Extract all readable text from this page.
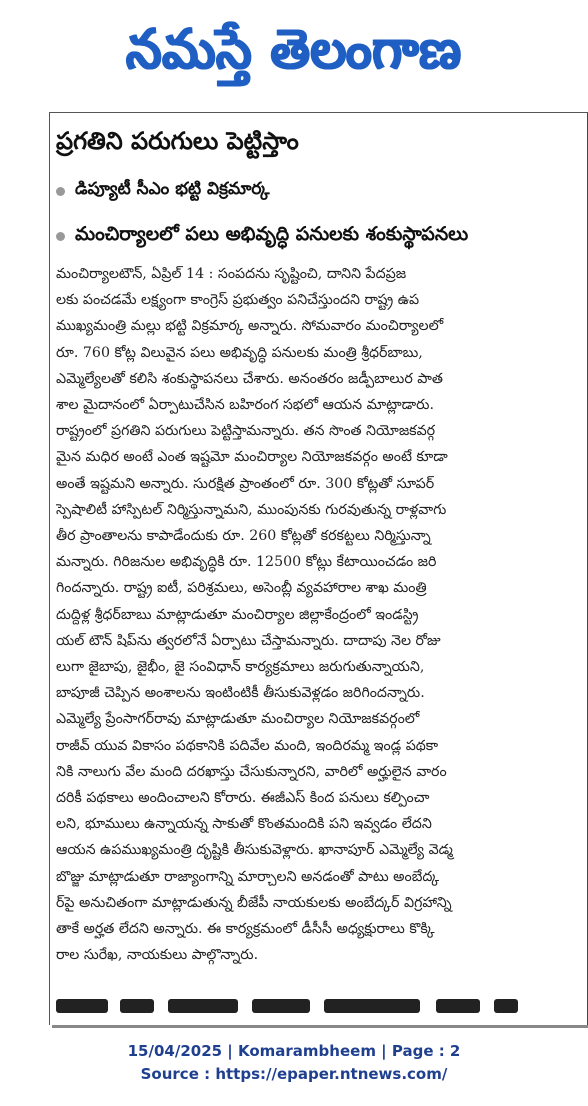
నమస్తే తెలంగాణ
ప్రగతిని పరుగులు పెట్టిస్తాం
డిప్యూటీ సీఎం భట్టి విక్రమార్క
మంచిర్యాలలో పలు అభివృద్ధి పనులకు శంకుస్థాపనలు
మంచిర్యాలటౌన్, ఏప్రిల్ 14 : సంపదను సృష్టించి, దానిని పేదప్రజ
లకు పంచడమే లక్ష్యంగా కాంగ్రెస్ ప్రభుత్వం పనిచేస్తుందని రాష్ట్ర ఉప
ముఖ్యమంత్రి మల్లు భట్టి విక్రమార్క అన్నారు. సోమవారం మంచిర్యాలలో
రూ. 760 కోట్ల విలువైన పలు అభివృద్ధి పనులకు మంత్రి శ్రీధర్‌బాబు,
ఎమ్మెల్యేలతో కలిసి శంకుస్థాపనలు చేశారు. అనంతరం జడ్పీబాలుర పాత
శాల మైదానంలో ఏర్పాటుచేసిన బహిరంగ సభలో ఆయన మాట్లాడారు.
రాష్ట్రంలో ప్రగతిని పరుగులు పెట్టిస్తామన్నారు. తన సొంత నియోజకవర్గ
మైన మధిర అంటే ఎంత ఇష్టమో మంచిర్యాల నియోజకవర్గం అంటే కూడా
అంతే ఇష్టమని అన్నారు. సురక్షిత ప్రాంతంలో రూ. 300 కోట్లతో సూపర్
స్పెషాలిటీ హాస్పిటల్ నిర్మిస్తున్నామని, ముంపునకు గురవుతున్న రాళ్లవాగు
తీర ప్రాంతాలను కాపాడేందుకు రూ. 260 కోట్లతో కరకట్టలు నిర్మిస్తున్నా
మన్నారు. గిరిజనుల అభివృద్ధికి రూ. 12500 కోట్లు కేటాయించడం జరి
గిందన్నారు. రాష్ట్ర ఐటీ, పరిశ్రమలు, అసెంబ్లీ వ్యవహారాల శాఖ మంత్రి
దుద్దిళ్ల శ్రీధర్‌బాబు మాట్లాడుతూ మంచిర్యాల జిల్లాకేంద్రంలో ఇండస్ట్రి
యల్ టౌన్ షిప్‌ను త్వరలోనే ఏర్పాటు చేస్తామన్నారు. దాదాపు నెల రోజు
లుగా జైబాపు, జైభీం, జై సంవిధాన్ కార్యక్రమాలు జరుగుతున్నాయని,
బాపూజీ చెప్పిన అంశాలను ఇంటింటికీ తీసుకువెళ్లడం జరిగిందన్నారు.
ఎమ్మెల్యే ప్రేంసాగర్‌రావు మాట్లాడుతూ మంచిర్యాల నియోజకవర్గంలో
రాజీవ్ యువ వికాసం పథకానికి పదివేల మంది, ఇందిరమ్మ ఇండ్ల పథకా
నికి నాలుగు వేల మంది దరఖాస్తు చేసుకున్నారని, వారిలో అర్హులైన వారం
దరికీ పథకాలు అందించాలని కోరారు. ఈజీఎస్ కింద పనులు కల్పించా
లని, భూములు ఉన్నాయన్న సాకుతో కొంతమందికి పని ఇవ్వడం లేదని
ఆయన ఉపముఖ్యమంత్రి దృష్టికి తీసుకువెళ్లారు. ఖానాపూర్ ఎమ్మెల్యే వెడ్మ
బొజ్జు మాట్లాడుతూ రాజ్యాంగాన్ని మార్చాలని అనడంతో పాటు అంబేద్క
ర్‌పై అనుచితంగా మాట్లాడుతున్న బీజేపీ నాయకులకు అంబేద్కర్ విగ్రహాన్ని
తాకే అర్హత లేదని అన్నారు. ఈ కార్యక్రమంలో డీసీసీ అధ్యక్షురాలు కొక్కి
రాల సురేఖ, నాయకులు పాల్గొన్నారు.
15/04/2025 | Komarambheem | Page : 2
Source : https://epaper.ntnews.com/
